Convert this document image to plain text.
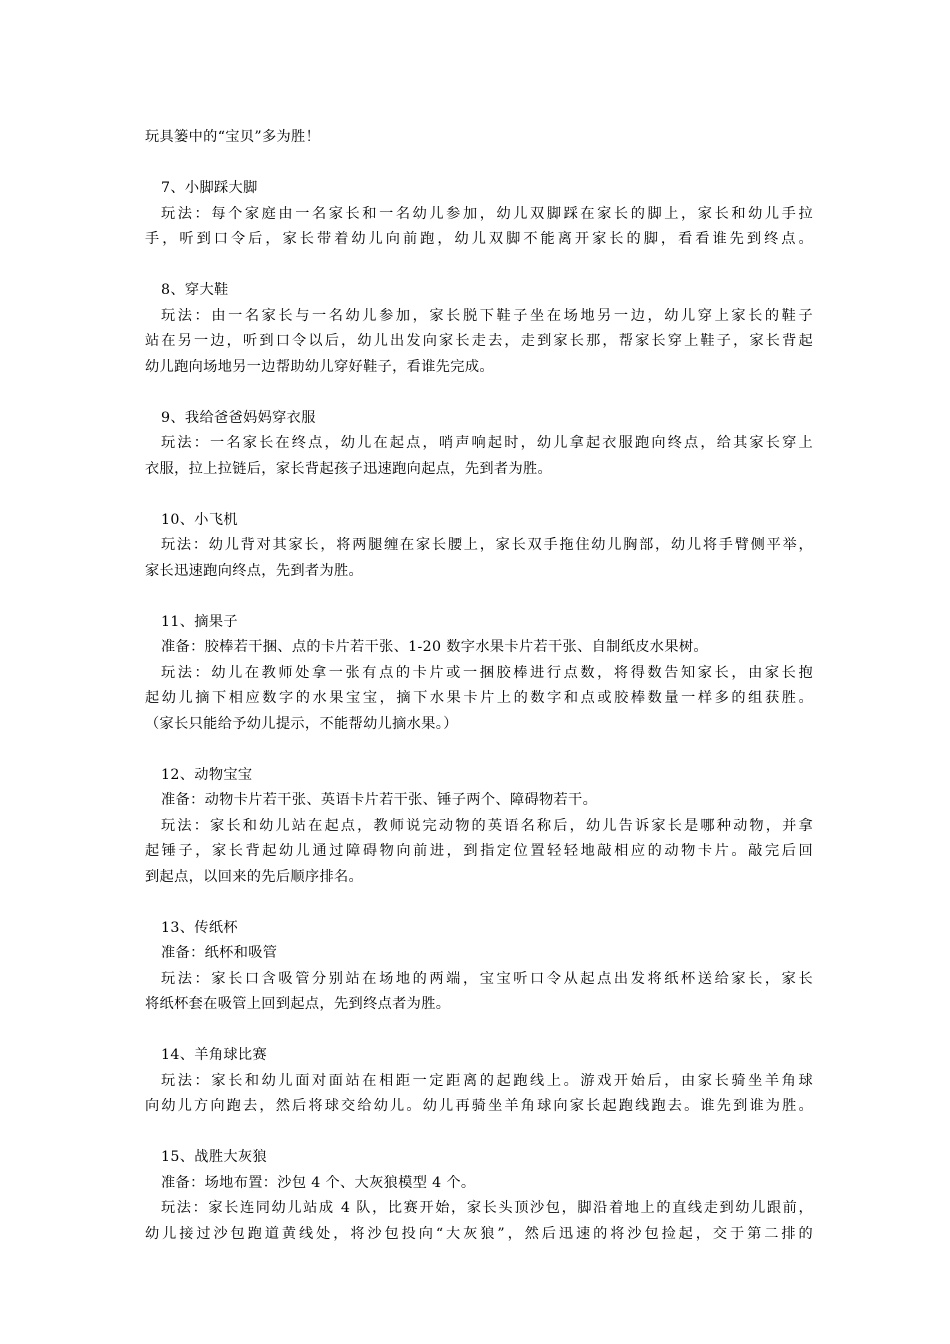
玩具篓中的“宝贝”多为胜！
7、小脚踩大脚
玩法：每个家庭由一名家长和一名幼儿参加，幼儿双脚踩在家长的脚上，家长和幼儿手拉
手，听到口令后，家长带着幼儿向前跑，幼儿双脚不能离开家长的脚，看看谁先到终点。
8、穿大鞋
玩法：由一名家长与一名幼儿参加，家长脱下鞋子坐在场地另一边，幼儿穿上家长的鞋子
站在另一边，听到口令以后，幼儿出发向家长走去，走到家长那，帮家长穿上鞋子，家长背起
幼儿跑向场地另一边帮助幼儿穿好鞋子，看谁先完成。
9、我给爸爸妈妈穿衣服
玩法：一名家长在终点，幼儿在起点，哨声响起时，幼儿拿起衣服跑向终点，给其家长穿上
衣服，拉上拉链后，家长背起孩子迅速跑向起点，先到者为胜。
10、小飞机
玩法：幼儿背对其家长，将两腿缠在家长腰上，家长双手拖住幼儿胸部，幼儿将手臂侧平举，
家长迅速跑向终点，先到者为胜。
11、摘果子
准备：胶棒若干捆、点的卡片若干张、1-20 数字水果卡片若干张、自制纸皮水果树。
玩法：幼儿在教师处拿一张有点的卡片或一捆胶棒进行点数，将得数告知家长，由家长抱
起幼儿摘下相应数字的水果宝宝，摘下水果卡片上的数字和点或胶棒数量一样多的组获胜。
（家长只能给予幼儿提示，不能帮幼儿摘水果。）
12、动物宝宝
准备：动物卡片若干张、英语卡片若干张、锤子两个、障碍物若干。
玩法：家长和幼儿站在起点，教师说完动物的英语名称后，幼儿告诉家长是哪种动物，并拿
起锤子，家长背起幼儿通过障碍物向前进，到指定位置轻轻地敲相应的动物卡片。敲完后回
到起点，以回来的先后顺序排名。
13、传纸杯
准备：纸杯和吸管
玩法：家长口含吸管分别站在场地的两端，宝宝听口令从起点出发将纸杯送给家长，家长
将纸杯套在吸管上回到起点，先到终点者为胜。
14、羊角球比赛
玩法：家长和幼儿面对面站在相距一定距离的起跑线上。游戏开始后，由家长骑坐羊角球
向幼儿方向跑去，然后将球交给幼儿。幼儿再骑坐羊角球向家长起跑线跑去。谁先到谁为胜。
15、战胜大灰狼
准备：场地布置：沙包 4 个、大灰狼模型 4 个。
玩法：家长连同幼儿站成 4 队，比赛开始，家长头顶沙包，脚沿着地上的直线走到幼儿跟前，
幼儿接过沙包跑道黄线处，将沙包投向“大灰狼”，然后迅速的将沙包捡起，交于第二排的
